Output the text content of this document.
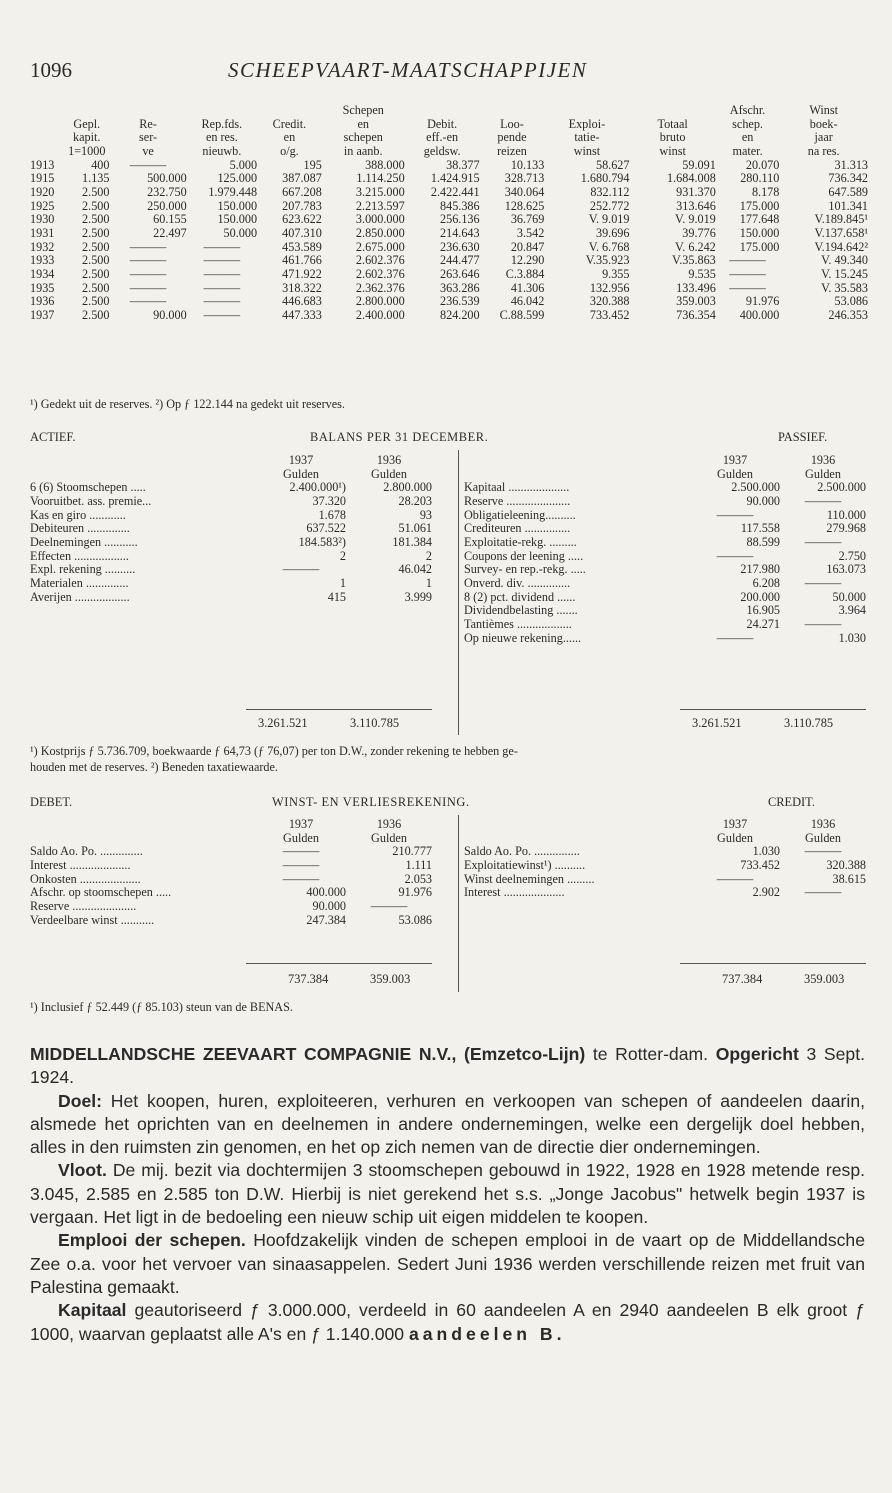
1096	SCHEEPVAART-MAATSCHAPPIJEN
					Schepen					Afschr.	Winst
	Gepl.	Re-	Rep.fds.	Credit.	en	Debit.	Loo-	Exploi-	Totaal	schep.	boek-
	kapit.	ser-	en res.	en	schepen	eff.-en	pende	tatie-	bruto	en	jaar
	1=1000	ve	nieuwb.	o/g.	in aanb.	geldsw.	reizen	winst	winst	mater.	na res.
1913	400	———	5.000	195	388.000	38.377	10.133	58.627	59.091	20.070	31.313
1915	1.135	500.000	125.000	387.087	1.114.250	1.424.915	328.713	1.680.794	1.684.008	280.110	736.342
1920	2.500	232.750	1.979.448	667.208	3.215.000	2.422.441	340.064	832.112	931.370	8.178	647.589
1925	2.500	250.000	150.000	207.783	2.213.597	845.386	128.625	252.772	313.646	175.000	101.341
1930	2.500	60.155	150.000	623.622	3.000.000	256.136	36.769	V. 9.019	V. 9.019	177.648	V.189.845¹
1931	2.500	22.497	50.000	407.310	2.850.000	214.643	3.542	39.696	39.776	150.000	V.137.658¹
1932	2.500	———	———	453.589	2.675.000	236.630	20.847	V. 6.768	V. 6.242	175.000	V.194.642²
1933	2.500	———	———	461.766	2.602.376	244.477	12.290	V.35.923	V.35.863	———	V. 49.340
1934	2.500	———	———	471.922	2.602.376	263.646	C.3.884	9.355	9.535	———	V. 15.245
1935	2.500	———	———	318.322	2.362.376	363.286	41.306	132.956	133.496	———	V. 35.583
1936	2.500	———	———	446.683	2.800.000	236.539	46.042	320.388	359.003	91.976	53.086
1937	2.500	90.000	———	447.333	2.400.000	824.200	C.88.599	733.452	736.354	400.000	246.353
¹) Gedekt uit de reserves. ²) Op ƒ 122.144 na gedekt uit reserves.
ACTIEF.	BALANS PER 31 DECEMBER.	PASSIEF.
	1937	1936
	Gulden	Gulden
6 (6) Stoomschepen .....	2.400.000¹)	2.800.000
Vooruitbet. ass. premie...	37.320	28.203
Kas en giro ............	1.678	93
Debiteuren ..............	637.522	51.061
Deelnemingen ...........	184.583²)	181.384
Effecten ..................	2	2
Expl. rekening ..........	———	46.042
Materialen ..............	1	1
Averijen ..................	415	3.999
3.261.521	3.110.785
	1937	1936
	Gulden	Gulden
Kapitaal ....................	2.500.000	2.500.000
Reserve .....................	90.000	———
Obligatieleening..........	———	110.000
Crediteuren ...............	117.558	279.968
Exploitatie-rekg. .........	88.599	———
Coupons der leening .....	———	2.750
Survey- en rep.-rekg. .....	217.980	163.073
Onverd. div. ..............	6.208	———
8 (2) pct. dividend ......	200.000	50.000
Dividendbelasting .......	16.905	3.964
Tantièmes ..................	24.271	———
Op nieuwe rekening......	———	1.030
3.261.521	3.110.785
¹) Kostprijs ƒ 5.736.709, boekwaarde ƒ 64,73 (ƒ 76,07) per ton D.W., zonder rekening te hebben ge-
houden met de reserves. ²) Beneden taxatiewaarde.
DEBET.	WINST- EN VERLIESREKENING.	CREDIT.
	1937	1936
	Gulden	Gulden
Saldo Ao. Po. ..............	———	210.777
Interest ....................	———	1.111
Onkosten ....................	———	2.053
Afschr. op stoomschepen .....	400.000	91.976
Reserve .....................	90.000	———
Verdeelbare winst ...........	247.384	53.086
737.384	359.003
	1937	1936
	Gulden	Gulden
Saldo Ao. Po. ...............	1.030	———
Exploitatiewinst¹) ..........	733.452	320.388
Winst deelnemingen .........	———	38.615
Interest ....................	2.902	———
737.384	359.003
¹) Inclusief ƒ 52.449 (ƒ 85.103) steun van de BENAS.

MIDDELLANDSCHE ZEEVAART COMPAGNIE N.V., (Emzetco-Lijn) te Rotter-dam. Opgericht 3 Sept. 1924.

Doel: Het koopen, huren, exploiteeren, verhuren en verkoopen van schepen of aandeelen daarin, alsmede het oprichten van en deelnemen in andere ondernemingen, welke een dergelijk doel hebben, alles in den ruimsten zin genomen, en het op zich nemen van de directie dier ondernemingen.

Vloot. De mij. bezit via dochtermijen 3 stoomschepen gebouwd in 1922, 1928 en 1928 metende resp. 3.045, 2.585 en 2.585 ton D.W. Hierbij is niet gerekend het s.s. „Jonge Jacobus" hetwelk begin 1937 is vergaan. Het ligt in de bedoeling een nieuw schip uit eigen middelen te koopen.

Emplooi der schepen. Hoofdzakelijk vinden de schepen emplooi in de vaart op de Middellandsche Zee o.a. voor het vervoer van sinaasappelen. Sedert Juni 1936 werden verschillende reizen met fruit van Palestina gemaakt.

Kapitaal geautoriseerd ƒ 3.000.000, verdeeld in 60 aandeelen A en 2940 aandeelen B elk groot ƒ 1000, waarvan geplaatst alle A's en ƒ 1.140.000 aandeelen B.
